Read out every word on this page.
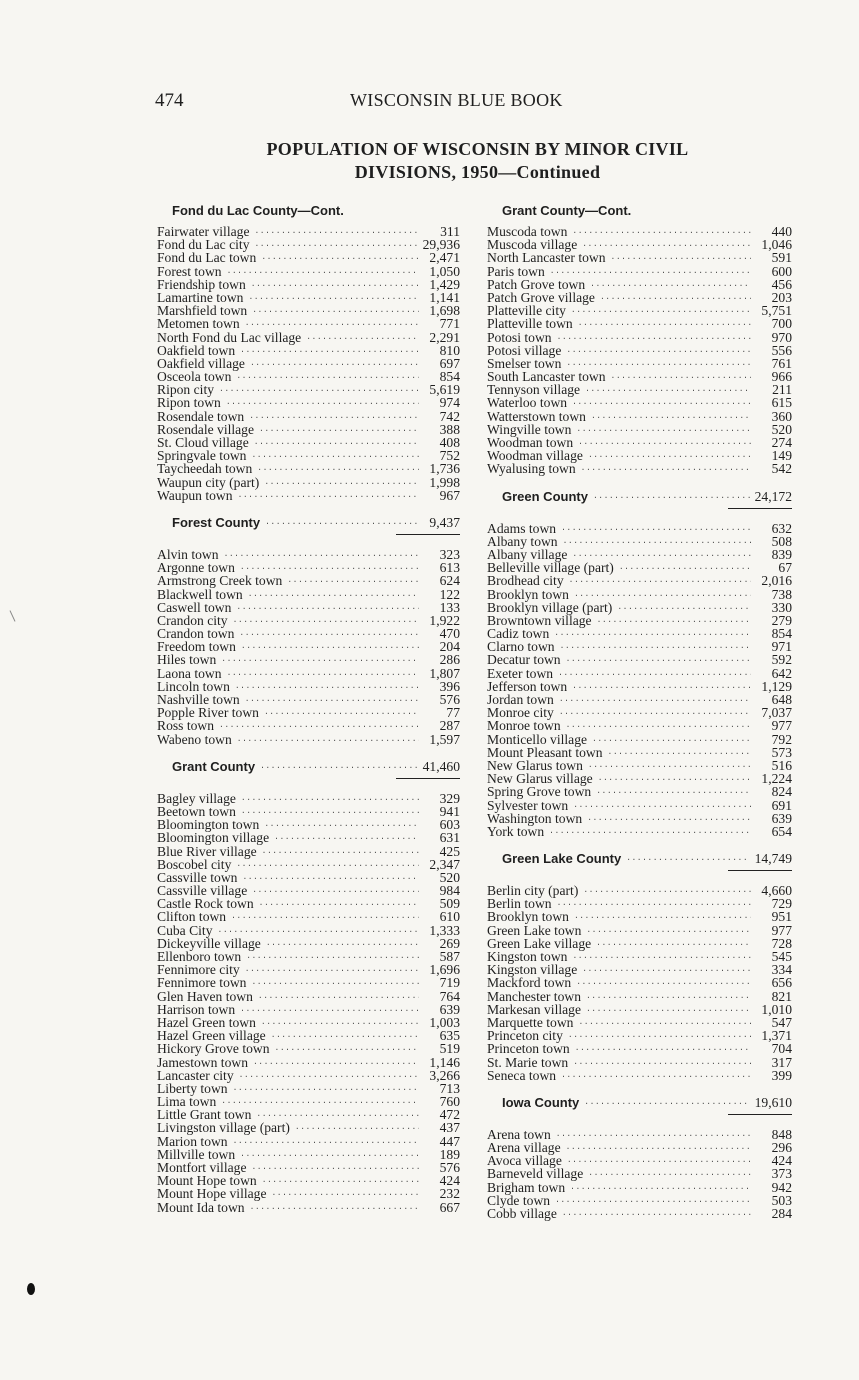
474	WISCONSIN BLUE BOOK
POPULATION OF WISCONSIN BY MINOR CIVIL
DIVISIONS, 1950—Continued
Fond du Lac County—Cont.
Fairwater village .....	311
Fond du Lac city .....	29,936
Fond du Lac town .....	2,471
Forest town .....	1,050
Friendship town .....	1,429
Lamartine town .....	1,141
Marshfield town .....	1,698
Metomen town .....	771
North Fond du Lac village .....	2,291
Oakfield town .....	810
Oakfield village .....	697
Osceola town .....	854
Ripon city .....	5,619
Ripon town .....	974
Rosendale town .....	742
Rosendale village .....	388
St. Cloud village .....	408
Springvale town .....	752
Taycheedah town .....	1,736
Waupun city (part) .....	1,998
Waupun town .....	967
Forest County .....	9,437
Alvin town .....	323
Argonne town .....	613
Armstrong Creek town .....	624
Blackwell town .....	122
Caswell town .....	133
Crandon city .....	1,922
Crandon town .....	470
Freedom town .....	204
Hiles town .....	286
Laona town .....	1,807
Lincoln town .....	396
Nashville town .....	576
Popple River town .....	77
Ross town .....	287
Wabeno town .....	1,597
Grant County .....	41,460
Bagley village .....	329
Beetown town .....	941
Bloomington town .....	603
Bloomington village .....	631
Blue River village .....	425
Boscobel city .....	2,347
Cassville town .....	520
Cassville village .....	984
Castle Rock town .....	509
Clifton town .....	610
Cuba City .....	1,333
Dickeyville village .....	269
Ellenboro town .....	587
Fennimore city .....	1,696
Fennimore town .....	719
Glen Haven town .....	764
Harrison town .....	639
Hazel Green town .....	1,003
Hazel Green village .....	635
Hickory Grove town .....	519
Jamestown town .....	1,146
Lancaster city .....	3,266
Liberty town .....	713
Lima town .....	760
Little Grant town .....	472
Livingston village (part) .....	437
Marion town .....	447
Millville town .....	189
Montfort village .....	576
Mount Hope town .....	424
Mount Hope village .....	232
Mount Ida town .....	667
Grant County—Cont.
Muscoda town .....	440
Muscoda village .....	1,046
North Lancaster town .....	591
Paris town .....	600
Patch Grove town .....	456
Patch Grove village .....	203
Platteville city .....	5,751
Platteville town .....	700
Potosi town .....	970
Potosi village .....	556
Smelser town .....	761
South Lancaster town .....	966
Tennyson village .....	211
Waterloo town .....	615
Watterstown town .....	360
Wingville town .....	520
Woodman town .....	274
Woodman village .....	149
Wyalusing town .....	542
Green County .....	24,172
Adams town .....	632
Albany town .....	508
Albany village .....	839
Belleville village (part) .....	67
Brodhead city .....	2,016
Brooklyn town .....	738
Brooklyn village (part) .....	330
Browntown village .....	279
Cadiz town .....	854
Clarno town .....	971
Decatur town .....	592
Exeter town .....	642
Jefferson town .....	1,129
Jordan town .....	648
Monroe city .....	7,037
Monroe town .....	977
Monticello village .....	792
Mount Pleasant town .....	573
New Glarus town .....	516
New Glarus village .....	1,224
Spring Grove town .....	824
Sylvester town .....	691
Washington town .....	639
York town .....	654
Green Lake County .....	14,749
Berlin city (part) .....	4,660
Berlin town .....	729
Brooklyn town .....	951
Green Lake town .....	977
Green Lake village .....	728
Kingston town .....	545
Kingston village .....	334
Mackford town .....	656
Manchester town .....	821
Markesan village .....	1,010
Marquette town .....	547
Princeton city .....	1,371
Princeton town .....	704
St. Marie town .....	317
Seneca town .....	399
Iowa County .....	19,610
Arena town .....	848
Arena village .....	296
Avoca village .....	424
Barneveld village .....	373
Brigham town .....	942
Clyde town .....	503
Cobb village .....	284
